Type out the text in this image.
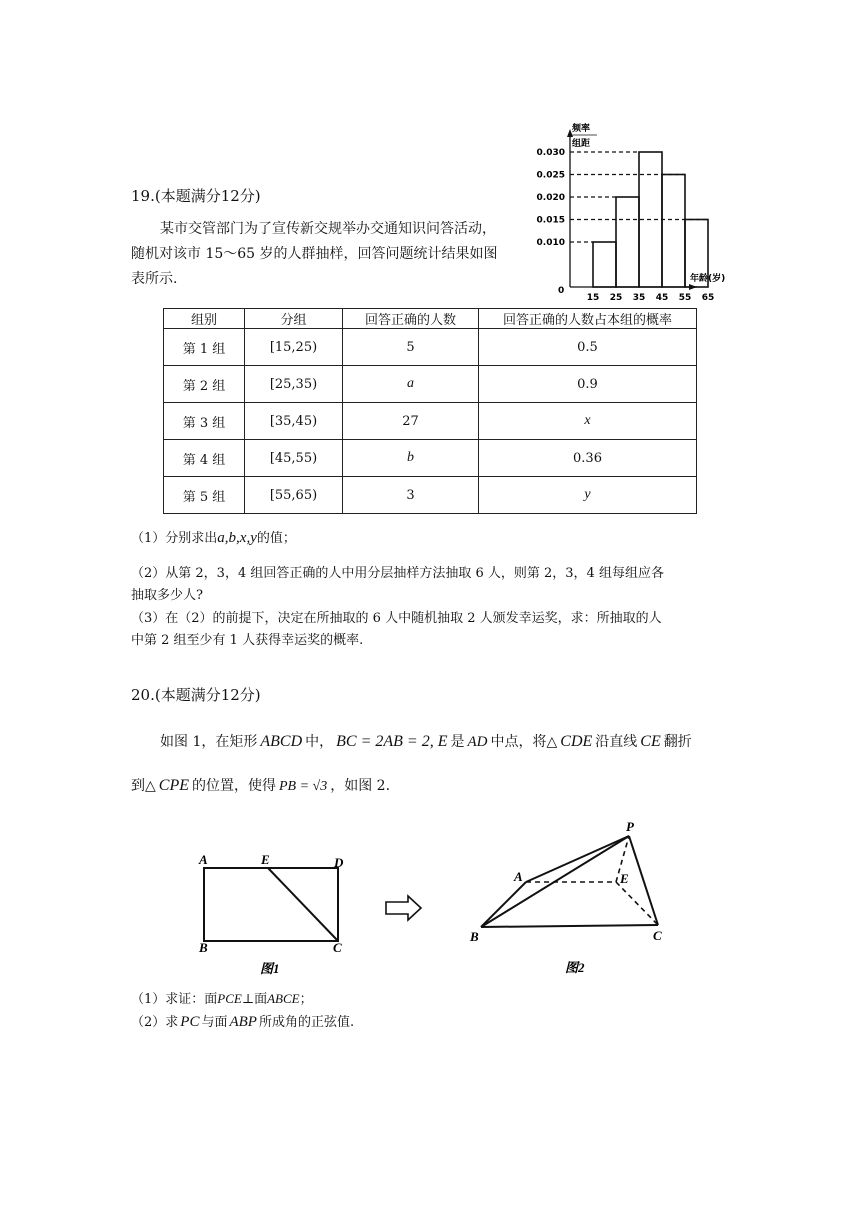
19.(本题满分12分)
某市交管部门为了宣传新交规举办交通知识问答活动，
随机对该市 15～65 岁的人群抽样，回答问题统计结果如图
表所示.
0.030
0.025
0.020
0.015
0.010
15 25 35 45 55 65
频率
组距
年龄(岁)
0
组别	分组	回答正确的人数	回答正确的人数占本组的概率
第 1 组	[15,25)	5	0.5
第 2 组	[25,35)	a	0.9
第 3 组	[35,45)	27	x
第 4 组	[45,55)	b	0.36
第 5 组	[55,65)	3	y
（1）分别求出a,b,x,y的值；
（2）从第 2，3，4 组回答正确的人中用分层抽样方法抽取 6 人，则第 2，3，4 组每组应各
抽取多少人?
（3）在（2）的前提下，决定在所抽取的 6 人中随机抽取 2 人颁发幸运奖，求：所抽取的人
中第 2 组至少有 1 人获得幸运奖的概率.
20.(本题满分12分)
如图 1，在矩形 ABCD 中， BC = 2AB = 2, E 是 AD 中点，将△ CDE 沿直线 CE 翻折
到△ CPE 的位置，使得 PB = √3 ，如图 2.
A	E	D
B	C
图1
P
A	E
B	C
图2
（1）求证：面PCE⊥面ABCE；
（2）求 PC 与面 ABP 所成角的正弦值.
